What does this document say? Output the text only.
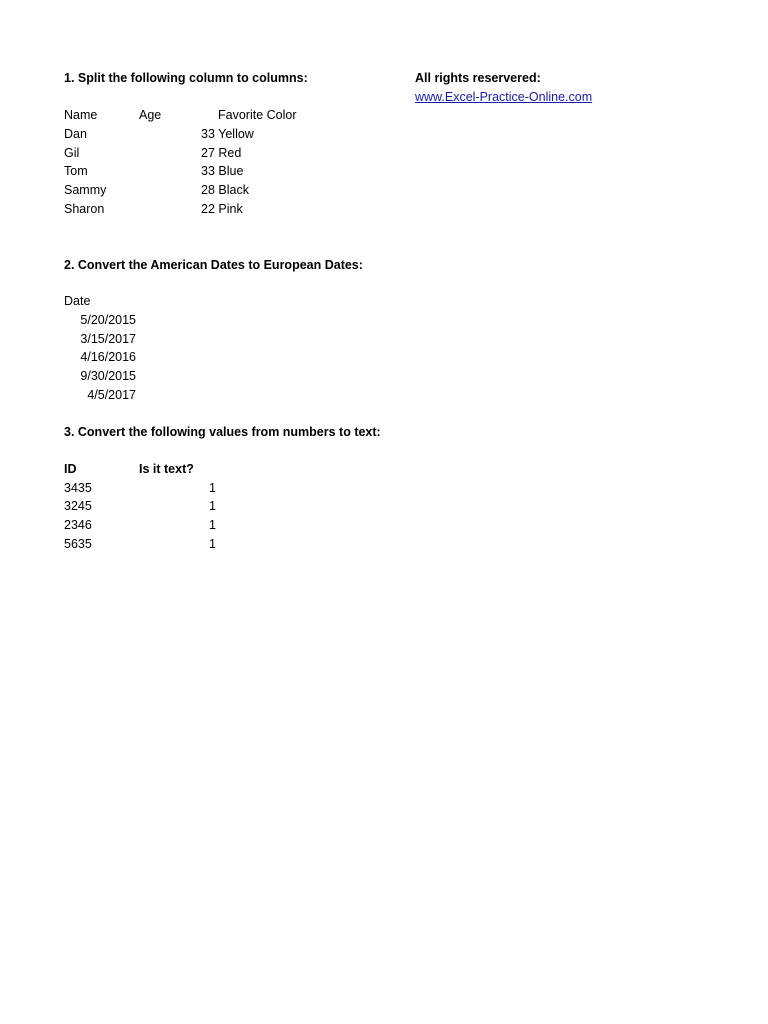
1. Split the following column to columns:	All rights reservered:
www.Excel-Practice-Online.com
Name	Age	Favorite Color
Dan	33 Yellow
Gil	27 Red
Tom	33 Blue
Sammy	28 Black
Sharon	22 Pink
2. Convert the American Dates to European Dates:
Date
5/20/2015
3/15/2017
4/16/2016
9/30/2015
4/5/2017
3. Convert the following values from numbers to text:
ID	Is it text?
3435	1
3245	1
2346	1
5635	1
